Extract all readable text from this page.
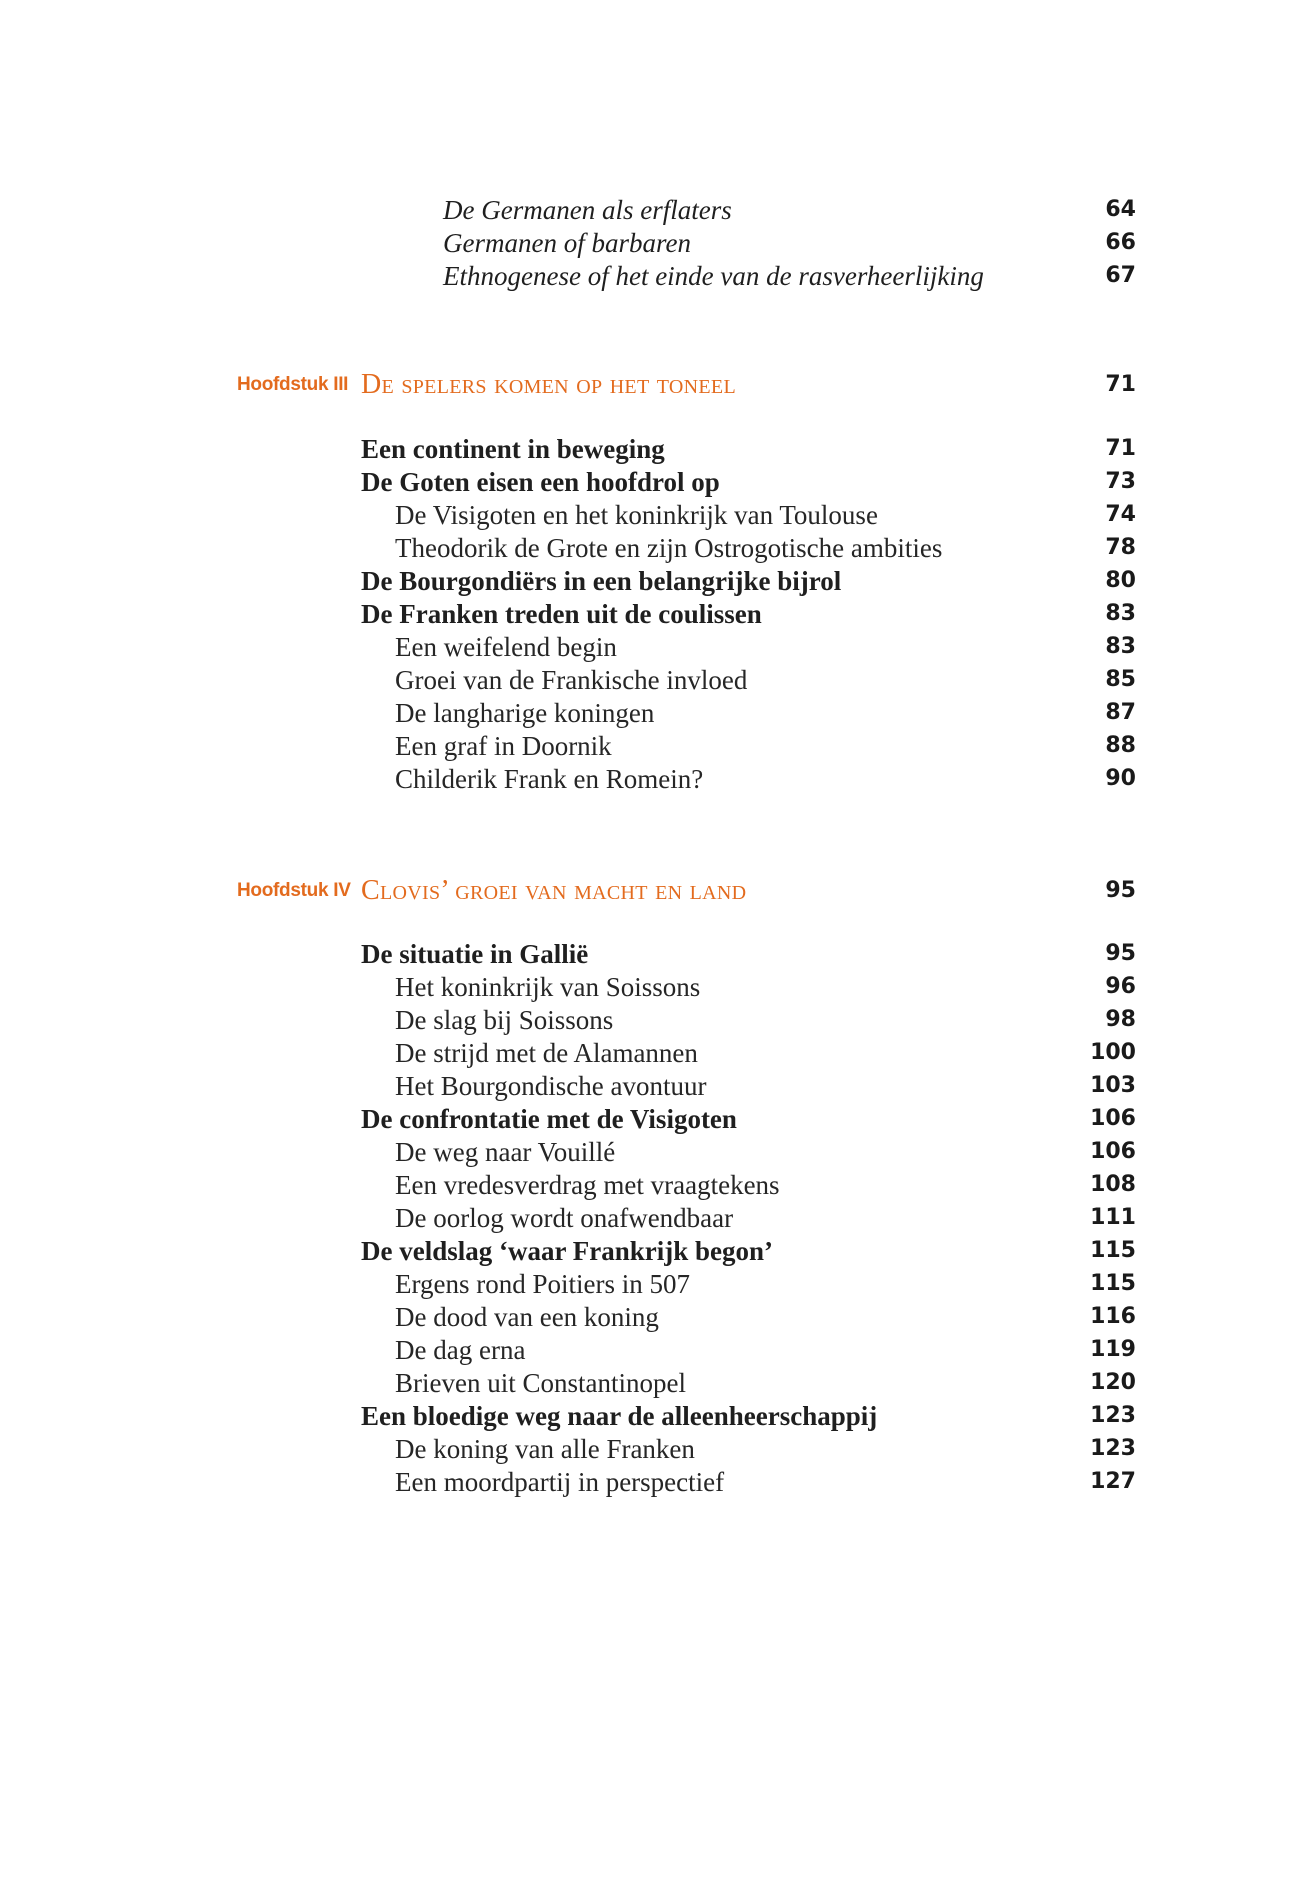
De Germanen als erflaters	64
Germanen of barbaren	66
Ethnogenese of het einde van de rasverheerlijking	67
Hoofdstuk III De spelers komen op het toneel	71
Een continent in beweging	71
De Goten eisen een hoofdrol op	73
De Visigoten en het koninkrijk van Toulouse	74
Theodorik de Grote en zijn Ostrogotische ambities	78
De Bourgondiërs in een belangrijke bijrol	80
De Franken treden uit de coulissen	83
Een weifelend begin	83
Groei van de Frankische invloed	85
De langharige koningen	87
Een graf in Doornik	88
Childerik Frank en Romein?	90
Hoofdstuk IV Clovis’ groei van macht en land	95
De situatie in Gallië	95
Het koninkrijk van Soissons	96
De slag bij Soissons	98
De strijd met de Alamannen	100
Het Bourgondische avontuur	103
De confrontatie met de Visigoten	106
De weg naar Vouillé	106
Een vredesverdrag met vraagtekens	108
De oorlog wordt onafwendbaar	111
De veldslag ‘waar Frankrijk begon’	115
Ergens rond Poitiers in 507	115
De dood van een koning	116
De dag erna	119
Brieven uit Constantinopel	120
Een bloedige weg naar de alleenheerschappij	123
De koning van alle Franken	123
Een moordpartij in perspectief	127
